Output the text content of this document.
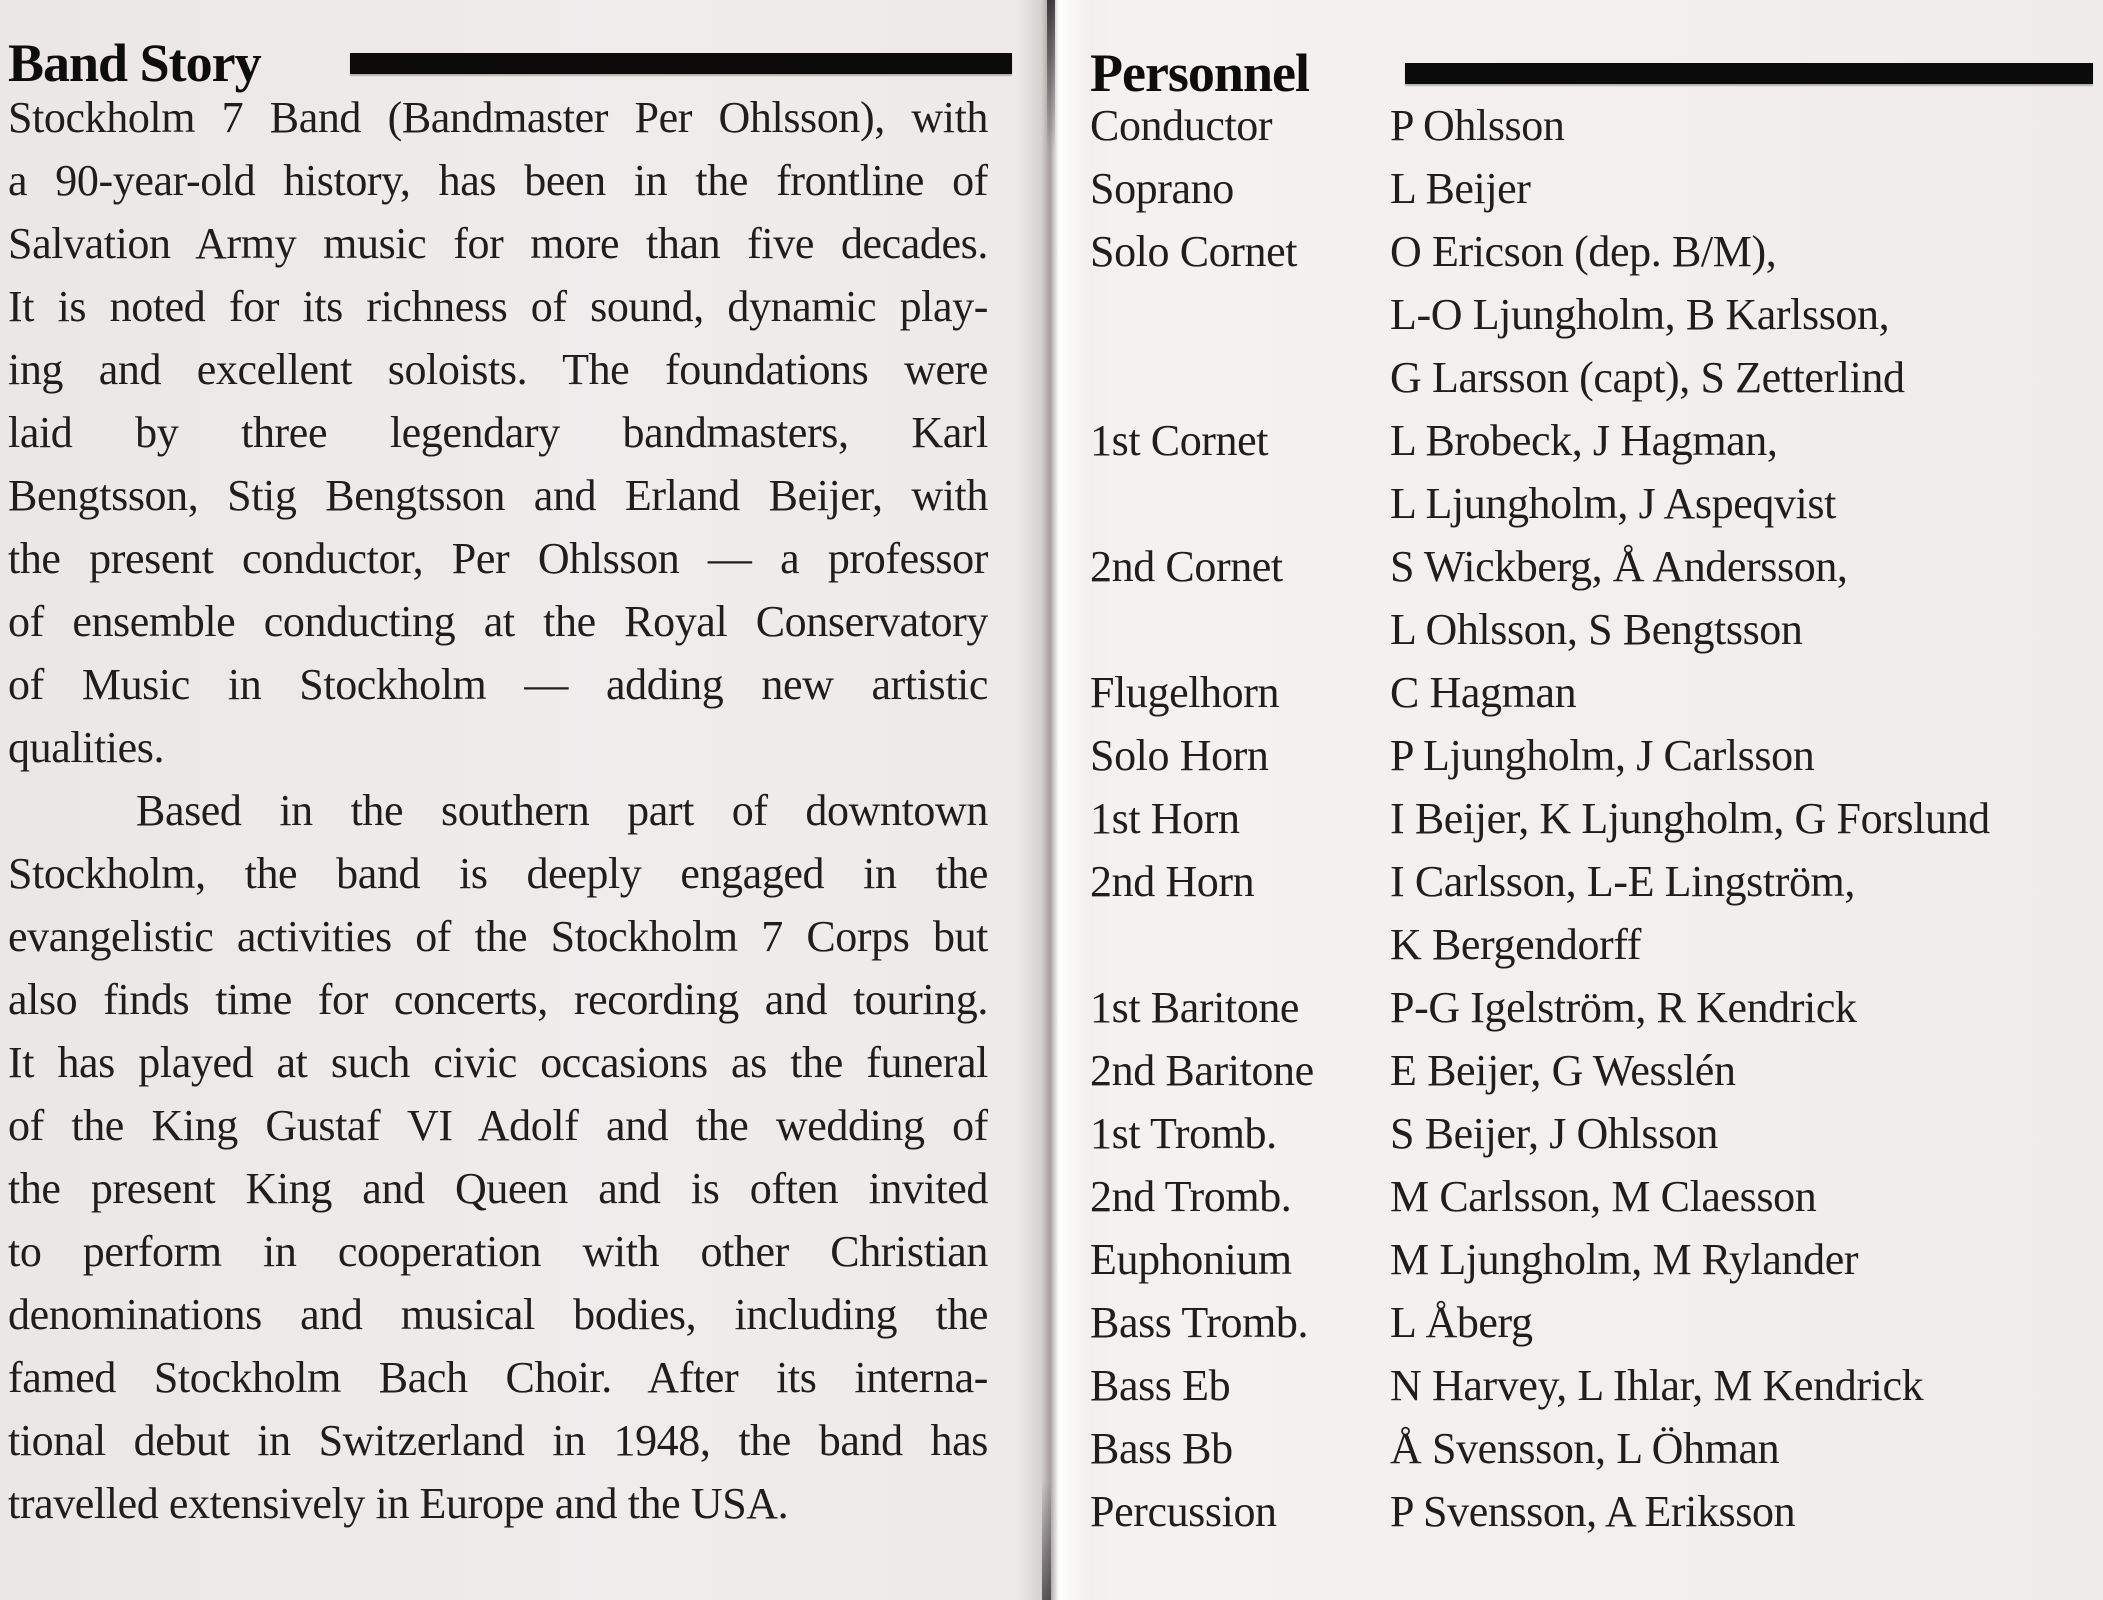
Band Story
Stockholm 7 Band (Bandmaster Per Ohlsson), with
a 90-year-old history, has been in the frontline of
Salvation Army music for more than five decades.
It is noted for its richness of sound, dynamic play-
ing and excellent soloists. The foundations were
laid by three legendary bandmasters, Karl
Bengtsson, Stig Bengtsson and Erland Beijer, with
the present conductor, Per Ohlsson — a professor
of ensemble conducting at the Royal Conservatory
of Music in Stockholm — adding new artistic
qualities.
Based in the southern part of downtown
Stockholm, the band is deeply engaged in the
evangelistic activities of the Stockholm 7 Corps but
also finds time for concerts, recording and touring.
It has played at such civic occasions as the funeral
of the King Gustaf VI Adolf and the wedding of
the present King and Queen and is often invited
to perform in cooperation with other Christian
denominations and musical bodies, including the
famed Stockholm Bach Choir. After its interna-
tional debut in Switzerland in 1948, the band has
travelled extensively in Europe and the USA.
Personnel
Conductor	P Ohlsson
Soprano	L Beijer
Solo Cornet	O Ericson (dep. B/M),
L-O Ljungholm, B Karlsson,
G Larsson (capt), S Zetterlind
1st Cornet	L Brobeck, J Hagman,
L Ljungholm, J Aspeqvist
2nd Cornet	S Wickberg, Å Andersson,
L Ohlsson, S Bengtsson
Flugelhorn	C Hagman
Solo Horn	P Ljungholm, J Carlsson
1st Horn	I Beijer, K Ljungholm, G Forslund
2nd Horn	I Carlsson, L-E Lingström,
K Bergendorff
1st Baritone	P-G Igelström, R Kendrick
2nd Baritone	E Beijer, G Wesslén
1st Tromb.	S Beijer, J Ohlsson
2nd Tromb.	M Carlsson, M Claesson
Euphonium	M Ljungholm, M Rylander
Bass Tromb.	L Åberg
Bass Eb	N Harvey, L Ihlar, M Kendrick
Bass Bb	Å Svensson, L Öhman
Percussion	P Svensson, A Eriksson
